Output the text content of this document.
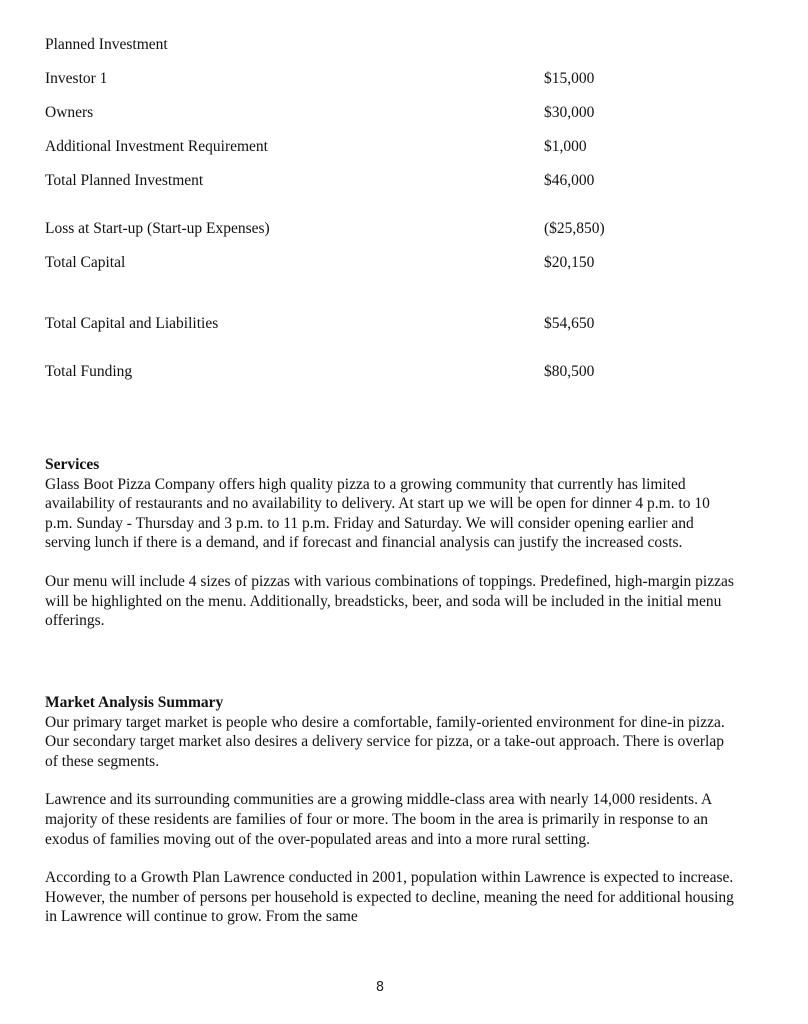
Planned Investment
Investor 1	$15,000
Owners	$30,000
Additional Investment Requirement	$1,000
Total Planned Investment	$46,000
Loss at Start-up (Start-up Expenses)	($25,850)
Total Capital	$20,150
Total Capital and Liabilities	$54,650
Total Funding	$80,500
Services

Glass Boot Pizza Company offers high quality pizza to a growing community that currently has limited availability of restaurants and no availability to delivery. At start up we will be open for dinner 4 p.m. to 10 p.m. Sunday - Thursday and 3 p.m. to 11 p.m. Friday and Saturday. We will consider opening earlier and serving lunch if there is a demand, and if forecast and financial analysis can justify the increased costs.

Our menu will include 4 sizes of pizzas with various combinations of toppings. Predefined, high-margin pizzas will be highlighted on the menu. Additionally, breadsticks, beer, and soda will be included in the initial menu offerings.

Market Analysis Summary

Our primary target market is people who desire a comfortable, family-oriented environment for dine-in pizza. Our secondary target market also desires a delivery service for pizza, or a take-out approach. There is overlap of these segments.

Lawrence and its surrounding communities are a growing middle-class area with nearly 14,000 residents. A majority of these residents are families of four or more. The boom in the area is primarily in response to an exodus of families moving out of the over-populated areas and into a more rural setting.

According to a Growth Plan Lawrence conducted in 2001, population within Lawrence is expected to increase. However, the number of persons per household is expected to decline, meaning the need for additional housing in Lawrence will continue to grow. From the same

8
